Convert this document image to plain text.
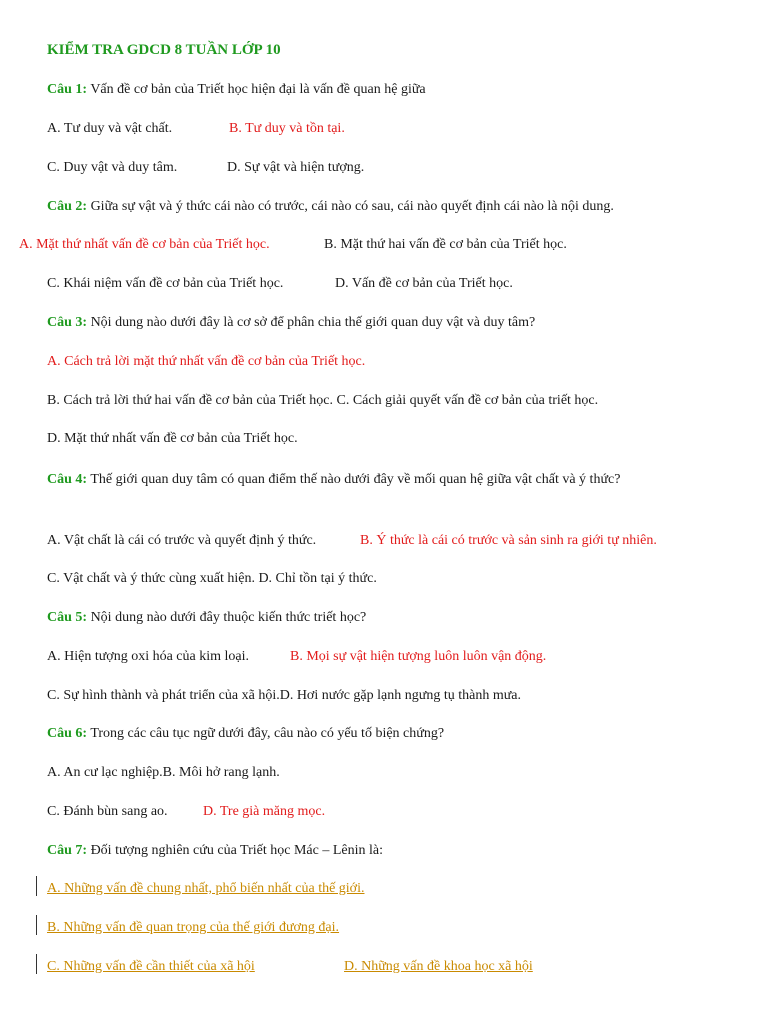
KIỂM TRA GDCD 8 TUẦN LỚP 10
Câu 1: Vấn đề cơ bản của Triết học hiện đại là vấn đề quan hệ giữa
A. Tư duy và vật chất.	B. Tư duy và tồn tại.
C. Duy vật và duy tâm.	D. Sự vật và hiện tượng.
Câu 2: Giữa sự vật và ý thức cái nào có trước, cái nào có sau, cái nào quyết định cái nào là nội dung.
A. Mặt thứ nhất vấn đề cơ bản của Triết học.	B. Mặt thứ hai vấn đề cơ bản của Triết học.
C. Khái niệm vấn đề cơ bản của Triết học.	D. Vấn đề cơ bản của Triết học.
Câu 3: Nội dung nào dưới đây là cơ sở để phân chia thế giới quan duy vật và duy tâm?
A. Cách trả lời mặt thứ nhất vấn đề cơ bản của Triết học.
B. Cách trả lời thứ hai vấn đề cơ bản của Triết học. C. Cách giải quyết vấn đề cơ bản của triết học.
D. Mặt thứ nhất vấn đề cơ bản của Triết học.
Câu 4: Thế giới quan duy tâm có quan điểm thế nào dưới đây về mối quan hệ giữa vật chất và ý thức?
A. Vật chất là cái có trước và quyết định ý thức.	B. Ý thức là cái có trước và sản sinh ra giới tự nhiên.
C. Vật chất và ý thức cùng xuất hiện. D. Chỉ tồn tại ý thức.
Câu 5: Nội dung nào dưới đây thuộc kiến thức triết học?
A. Hiện tượng oxi hóa của kim loại.	B. Mọi sự vật hiện tượng luôn luôn vận động.
C. Sự hình thành và phát triển của xã hội.D. Hơi nước gặp lạnh ngưng tụ thành mưa.
Câu 6: Trong các câu tục ngữ dưới đây, câu nào có yếu tố biện chứng?
A. An cư lạc nghiệp.B. Môi hở rang lạnh.
C. Đánh bùn sang ao.	D. Tre già măng mọc.
Câu 7: Đối tượng nghiên cứu của Triết học Mác – Lênin là:
A. Những vấn đề chung nhất, phổ biến nhất của thế giới.
B. Những vấn đề quan trọng của thế giới đương đại.
C. Những vấn đề cần thiết của xã hội	D. Những vấn đề khoa học xã hội
